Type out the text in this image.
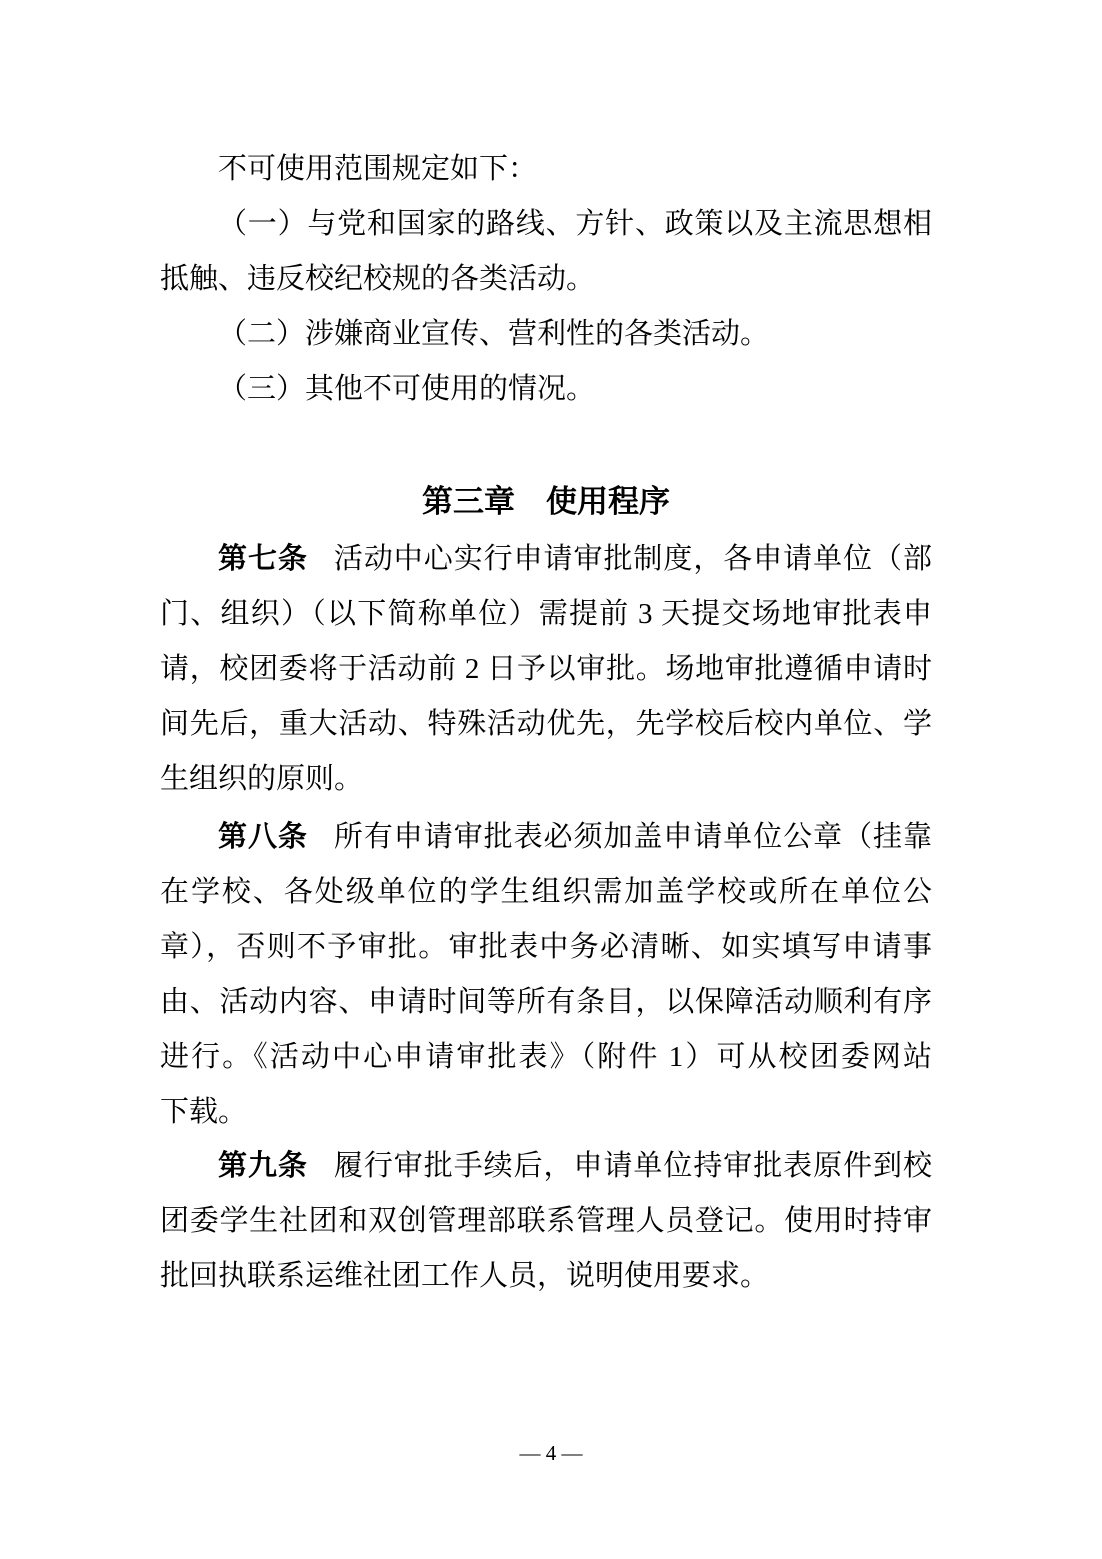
不可使用范围规定如下：
（一）与党和国家的路线、方针、政策以及主流思想相
抵触、违反校纪校规的各类活动。
（二）涉嫌商业宣传、营利性的各类活动。
（三）其他不可使用的情况。
第三章　使用程序
第七条 活动中心实行申请审批制度，各申请单位（部
门、组织）（以下简称单位）需提前 3 天提交场地审批表申
请，校团委将于活动前 2 日予以审批。场地审批遵循申请时
间先后，重大活动、特殊活动优先，先学校后校内单位、学
生组织的原则。
第八条 所有申请审批表必须加盖申请单位公章（挂靠
在学校、各处级单位的学生组织需加盖学校或所在单位公
章），否则不予审批。审批表中务必清晰、如实填写申请事
由、活动内容、申请时间等所有条目，以保障活动顺利有序
进行。《活动中心申请审批表》（附件 1）可从校团委网站
下载。
第九条 履行审批手续后，申请单位持审批表原件到校
团委学生社团和双创管理部联系管理人员登记。使用时持审
批回执联系运维社团工作人员，说明使用要求。
— 4 —
